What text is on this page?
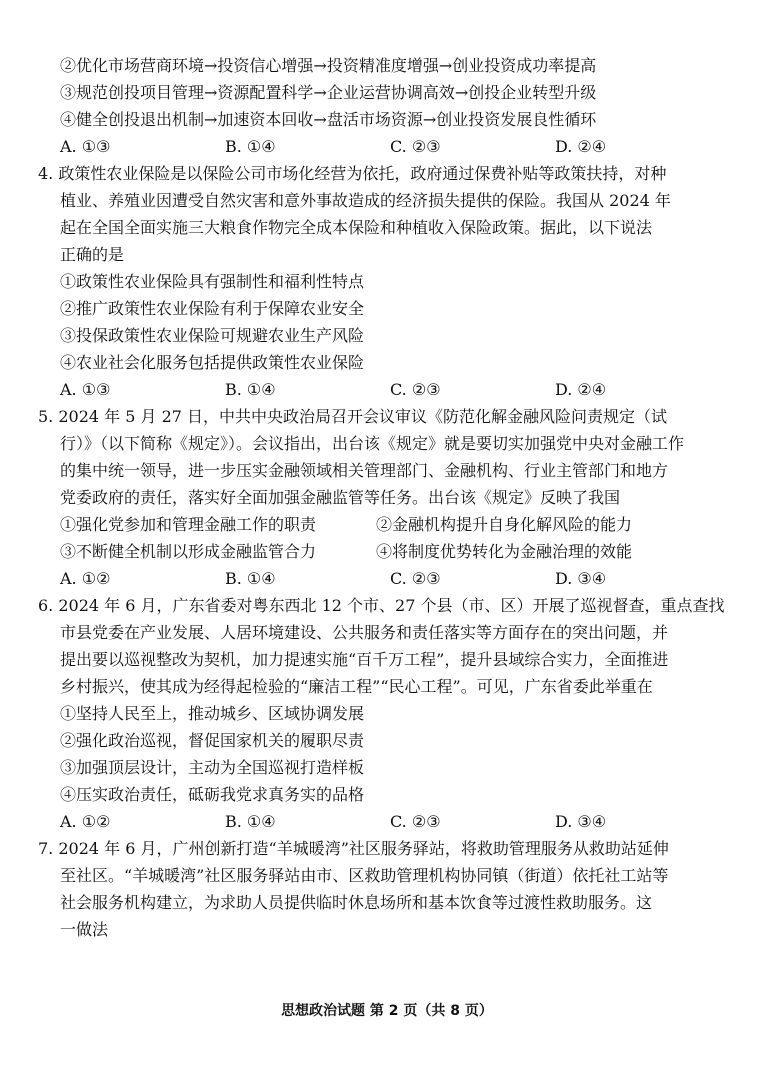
②优化市场营商环境→投资信心增强→投资精准度增强→创业投资成功率提高
③规范创投项目管理→资源配置科学→企业运营协调高效→创投企业转型升级
④健全创投退出机制→加速资本回收→盘活市场资源→创业投资发展良性循环
A. ①③	B. ①④	C. ②③	D. ②④
4. 政策性农业保险是以保险公司市场化经营为依托，政府通过保费补贴等政策扶持，对种
植业、养殖业因遭受自然灾害和意外事故造成的经济损失提供的保险。我国从 2024 年
起在全国全面实施三大粮食作物完全成本保险和种植收入保险政策。据此，以下说法
正确的是
①政策性农业保险具有强制性和福利性特点
②推广政策性农业保险有利于保障农业安全
③投保政策性农业保险可规避农业生产风险
④农业社会化服务包括提供政策性农业保险
A. ①③	B. ①④	C. ②③	D. ②④
5. 2024 年 5 月 27 日，中共中央政治局召开会议审议《防范化解金融风险问责规定（试
行）》（以下简称《规定》）。会议指出，出台该《规定》就是要切实加强党中央对金融工作
的集中统一领导，进一步压实金融领域相关管理部门、金融机构、行业主管部门和地方
党委政府的责任，落实好全面加强金融监管等任务。出台该《规定》反映了我国
①强化党参加和管理金融工作的职责	②金融机构提升自身化解风险的能力
③不断健全机制以形成金融监管合力	④将制度优势转化为金融治理的效能
A. ①②	B. ①④	C. ②③	D. ③④
6. 2024 年 6 月，广东省委对粤东西北 12 个市、27 个县（市、区）开展了巡视督查，重点查找
市县党委在产业发展、人居环境建设、公共服务和责任落实等方面存在的突出问题，并
提出要以巡视整改为契机，加力提速实施“百千万工程”，提升县域综合实力，全面推进
乡村振兴，使其成为经得起检验的“廉洁工程”“民心工程”。可见，广东省委此举重在
①坚持人民至上，推动城乡、区域协调发展
②强化政治巡视，督促国家机关的履职尽责
③加强顶层设计，主动为全国巡视打造样板
④压实政治责任，砥砺我党求真务实的品格
A. ①②	B. ①④	C. ②③	D. ③④
7. 2024 年 6 月，广州创新打造“羊城暖湾”社区服务驿站，将救助管理服务从救助站延伸
至社区。“羊城暖湾”社区服务驿站由市、区救助管理机构协同镇（街道）依托社工站等
社会服务机构建立，为求助人员提供临时休息场所和基本饮食等过渡性救助服务。这
一做法
思想政治试题 第 2 页（共 8 页）
